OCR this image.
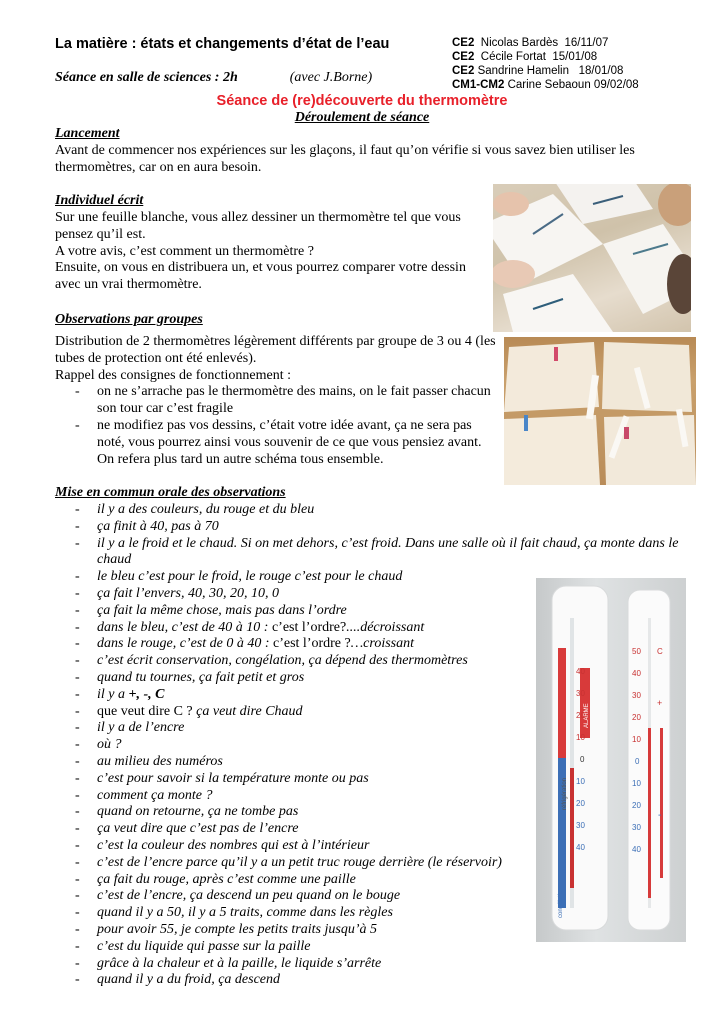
La matière : états et changements d’état de l’eau
Séance en salle de sciences : 2h	(avec J.Borne)
CE2 Nicolas Bardès 16/11/07
CE2 Cécile Fortat 15/01/08
CE2 Sandrine Hamelin 18/01/08
CM1-CM2 Carine Sebaoun 09/02/08
Séance de (re)découverte du thermomètre
Déroulement de séance
Lancement
Avant de commencer nos expériences sur les glaçons, il faut qu’on vérifie si vous savez bien utiliser les thermomètres, car on en aura besoin.
Individuel écrit
Sur une feuille blanche, vous allez dessiner un thermomètre tel que vous pensez qu’il est.
A votre avis, c’est comment un thermomètre ?
Ensuite, on vous en distribuera un, et vous pourrez comparer votre dessin avec un vrai thermomètre.
Observations par groupes
Distribution de 2 thermomètres légèrement différents par groupe de 3 ou 4 (les tubes de protection ont été enlevés).
Rappel des consignes de fonctionnement :
- on ne s’arrache pas le thermomètre des mains, on le fait passer chacun son tour car c’est fragile
- ne modifiez pas vos dessins, c’était votre idée avant, ça ne sera pas noté, vous pourrez ainsi vous souvenir de ce que vous pensiez avant. On refera plus tard un autre schéma tous ensemble.
Mise en commun orale des observations
- il y a des couleurs, du rouge et du bleu
- ça finit à 40, pas à 70
- il y a le froid et le chaud. Si on met dehors, c’est froid. Dans une salle où il fait chaud, ça monte dans le chaud
- le bleu c’est pour le froid, le rouge c’est pour le chaud
- ça fait l’envers, 40, 30, 20, 10, 0
- ça fait la même chose, mais pas dans l’ordre
- dans le bleu, c’est de 40 à 10 : c’est l’ordre?....décroissant
- dans le rouge, c’est de 0 à 40 : c’est l’ordre ?…croissant
- c’est écrit conservation, congélation, ça dépend des thermomètres
- quand tu tournes, ça fait petit et gros
- il y a +, -, C
- que veut dire C ? ça veut dire Chaud
- il y a de l’encre
- où ?
- au milieu des numéros
- c’est pour savoir si la température monte ou pas
- comment ça monte ?
- quand on retourne, ça ne tombe pas
- ça veut dire que c’est pas de l’encre
- c’est la couleur des nombres qui est à l’intérieur
- c’est de l’encre parce qu’il y a un petit truc rouge derrière (le réservoir)
- ça fait du rouge, après c’est comme une paille
- c’est de l’encre, ça descend un peu quand on le bouge
- quand il y a 50, il y a 5 traits, comme dans les règles
- pour avoir 55, je compte les petits traits jusqu’à 5
- c’est du liquide qui passe sur la paille
- grâce à la chaleur et à la paille, le liquide s’arrête
- quand il y a du froid, ça descend
40
30
20
10
0
10
20
30
40
ALARME
réfrigération
conservation
congélation
50
40
30
20
10
0
10
20
30
40
C
+
-
